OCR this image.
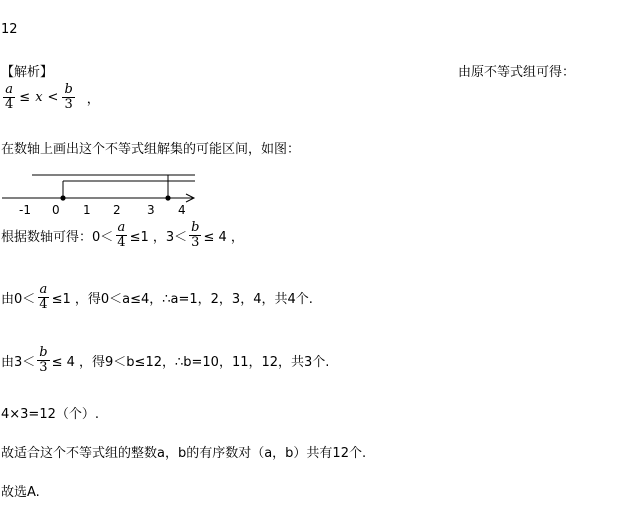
12
【解析】	由原不等式组可得：
$\frac{a}{4} \le x < \frac{b}{3}$ ，
在数轴上画出这个不等式组解集的可能区间，如图：
-1 0 1 2 3 4
根据数轴可得：$0< \frac{a}{4} \le 1$ ，$3< \frac{b}{3} \le 4$ ，
由$0< \frac{a}{4} \le 1$ ，得0＜a≤4，∴a=1，2，3，4，共4个.
由$3< \frac{b}{3} \le 4$ ，得9＜b≤12，∴b=10，11，12，共3个.
4×3=12（个）.
故适合这个不等式组的整数a，b的有序数对（a，b）共有12个.
故选A.
